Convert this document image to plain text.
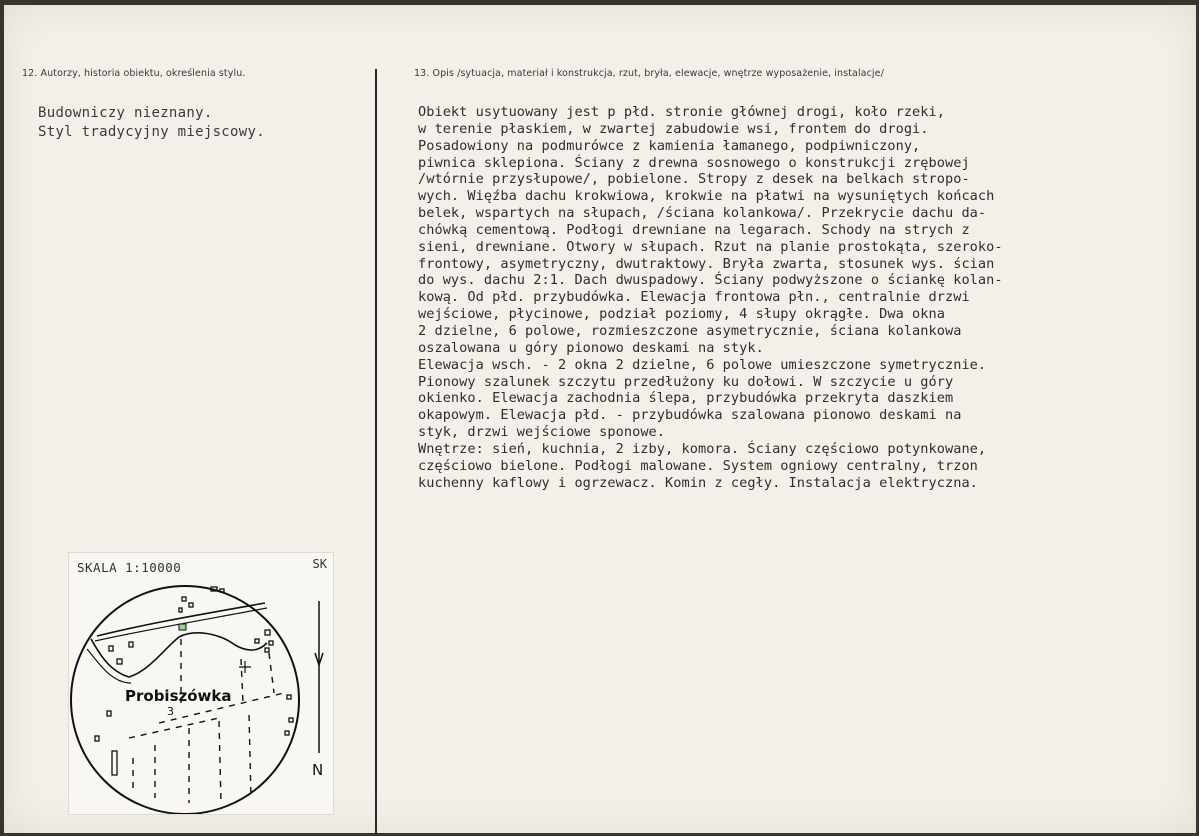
12. Autorzy, historia obiektu, określenia stylu.	13. Opis /sytuacja, materiał i konstrukcja, rzut, bryła, elewacje, wnętrze wyposażenie, instalacje/
Budowniczy nieznany.
Styl tradycyjny miejscowy.
Obiekt usytuowany jest p płd. stronie głównej drogi, koło rzeki,
w terenie płaskiem, w zwartej zabudowie wsi, frontem do drogi.
Posadowiony na podmurówce z kamienia łamanego, podpiwniczony,
piwnica sklepiona. Ściany z drewna sosnowego o konstrukcji zrębowej
/wtórnie przysłupowe/, pobielone. Stropy z desek na belkach stropo-
wych. Więźba dachu krokwiowa, krokwie na płatwi na wysuniętych końcach
belek, wspartych na słupach, /ściana kolankowa/. Przekrycie dachu da-
chówką cementową. Podłogi drewniane na legarach. Schody na strych z
sieni, drewniane. Otwory w słupach. Rzut na planie prostokąta, szeroko-
frontowy, asymetryczny, dwutraktowy. Bryła zwarta, stosunek wys. ścian
do wys. dachu 2:1. Dach dwuspadowy. Ściany podwyższone o ściankę kolan-
kową. Od płd. przybudówka. Elewacja frontowa płn., centralnie drzwi
wejściowe, płycinowe, podział poziomy, 4 słupy okrągłe. Dwa okna
2 dzielne, 6 polowe, rozmieszczone asymetrycznie, ściana kolankowa
oszalowana u góry pionowo deskami na styk.
Elewacja wsch. - 2 okna 2 dzielne, 6 polowe umieszczone symetrycznie.
Pionowy szalunek szczytu przedłużony ku dołowi. W szczycie u góry
okienko. Elewacja zachodnia ślepa, przybudówka przekryta daszkiem
okapowym. Elewacja płd. - przybudówka szalowana pionowo deskami na
styk, drzwi wejściowe sponowe.
Wnętrze: sień, kuchnia, 2 izby, komora. Ściany częściowo potynkowane,
częściowo bielone. Podłogi malowane. System ogniowy centralny, trzon
kuchenny kaflowy i ogrzewacz. Komin z cegły. Instalacja elektryczna.
Probiszówka
3
N
SKALA 1:10000	SK
